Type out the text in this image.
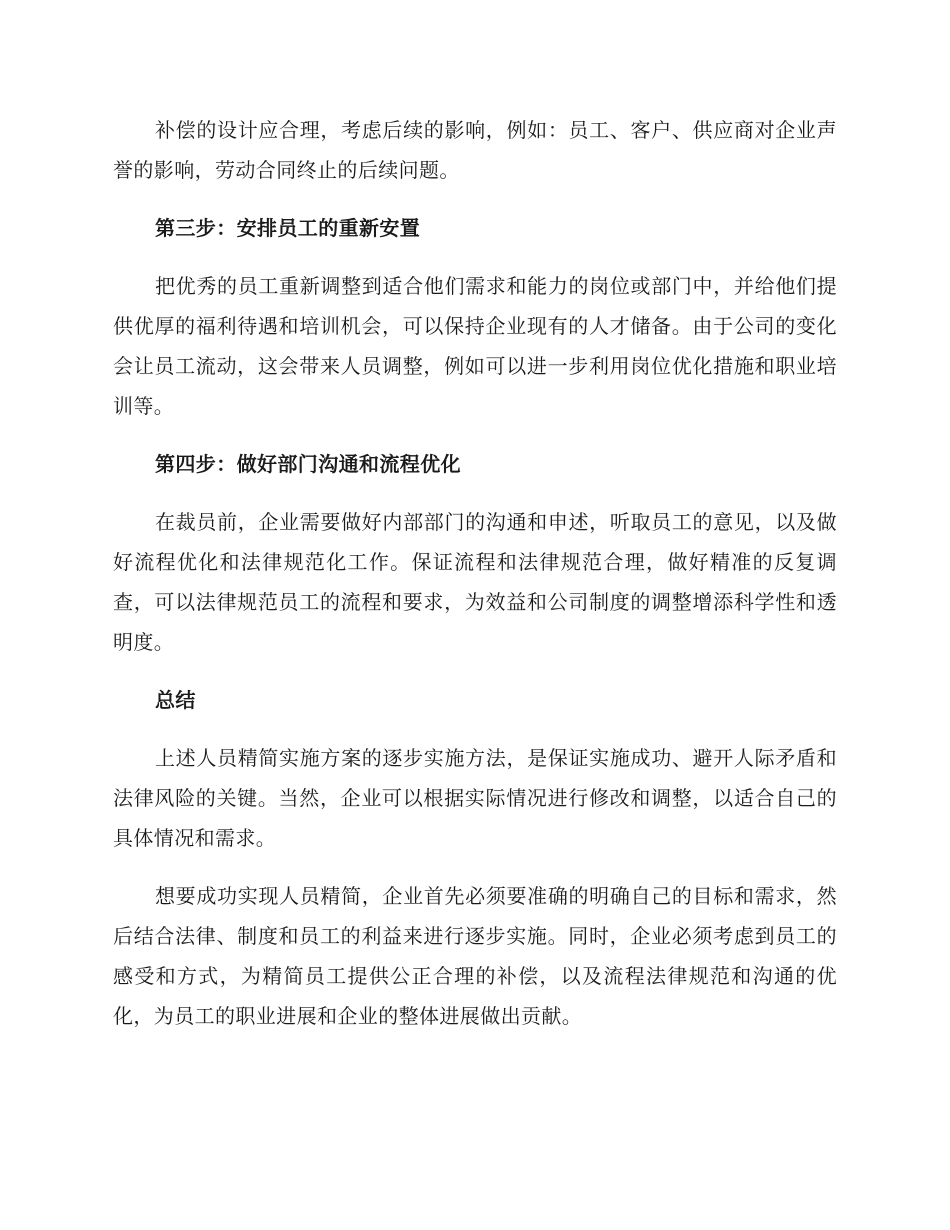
补偿的设计应合理，考虑后续的影响，例如：员工、客户、供应商对企业声誉的影响，劳动合同终止的后续问题。

第三步：安排员工的重新安置

把优秀的员工重新调整到适合他们需求和能力的岗位或部门中，并给他们提供优厚的福利待遇和培训机会，可以保持企业现有的人才储备。由于公司的变化会让员工流动，这会带来人员调整，例如可以进一步利用岗位优化措施和职业培训等。

第四步：做好部门沟通和流程优化

在裁员前，企业需要做好内部部门的沟通和申述，听取员工的意见，以及做好流程优化和法律规范化工作。保证流程和法律规范合理，做好精准的反复调查，可以法律规范员工的流程和要求，为效益和公司制度的调整增添科学性和透明度。

总结

上述人员精简实施方案的逐步实施方法，是保证实施成功、避开人际矛盾和法律风险的关键。当然，企业可以根据实际情况进行修改和调整，以适合自己的具体情况和需求。

想要成功实现人员精简，企业首先必须要准确的明确自己的目标和需求，然后结合法律、制度和员工的利益来进行逐步实施。同时，企业必须考虑到员工的感受和方式，为精简员工提供公正合理的补偿，以及流程法律规范和沟通的优化，为员工的职业进展和企业的整体进展做出贡献。
